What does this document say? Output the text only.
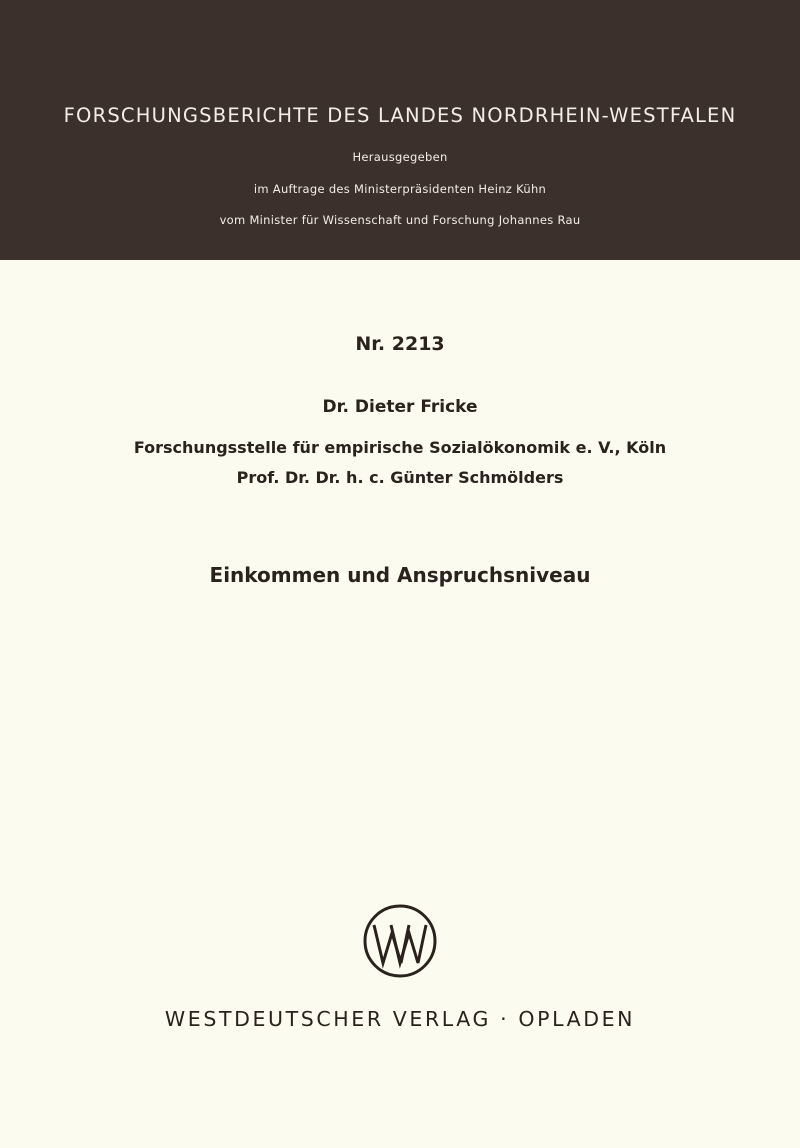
FORSCHUNGSBERICHTE DES LANDES NORDRHEIN-WESTFALEN
Herausgegeben
im Auftrage des Ministerpräsidenten Heinz Kühn
vom Minister für Wissenschaft und Forschung Johannes Rau
Nr. 2213
Dr. Dieter Fricke
Forschungsstelle für empirische Sozialökonomik e. V., Köln
Prof. Dr. Dr. h. c. Günter Schmölders
Einkommen und Anspruchsniveau
WESTDEUTSCHER VERLAG · OPLADEN
